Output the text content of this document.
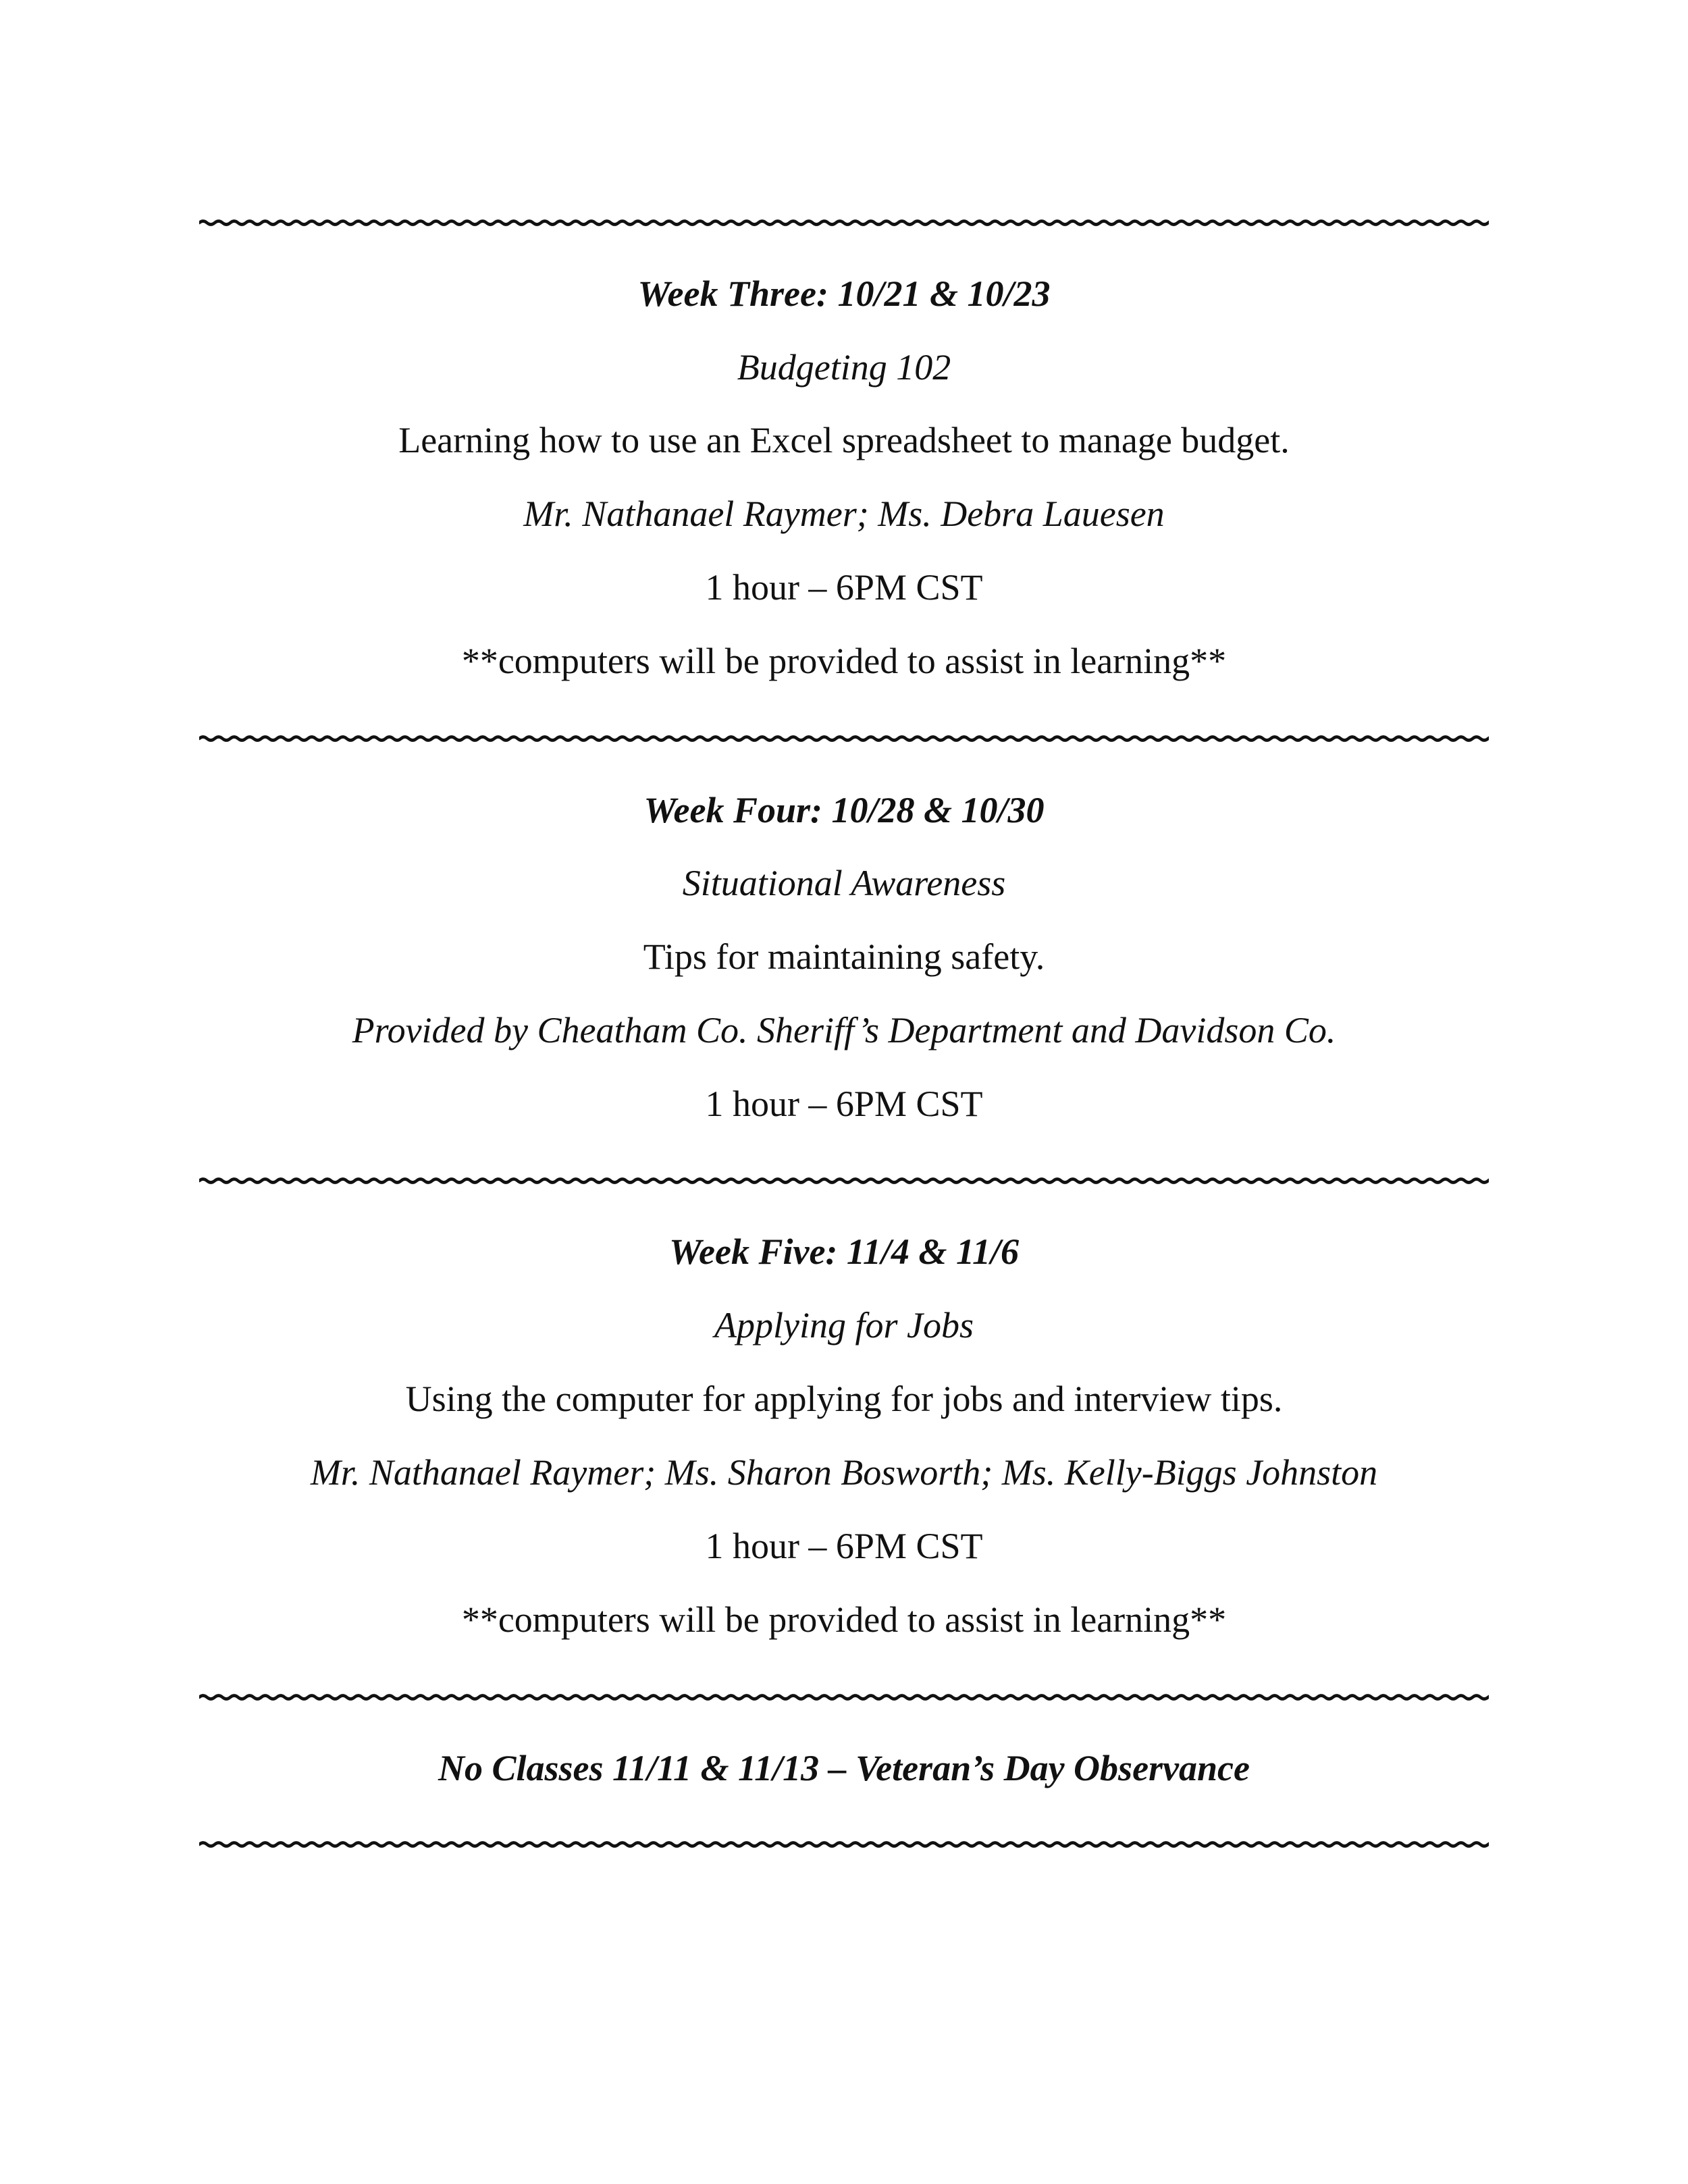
Week Three: 10/21 & 10/23
Budgeting 102
Learning how to use an Excel spreadsheet to manage budget.
Mr. Nathanael Raymer; Ms. Debra Lauesen
1 hour – 6PM CST
**computers will be provided to assist in learning**
Week Four: 10/28 & 10/30
Situational Awareness
Tips for maintaining safety.
Provided by Cheatham Co. Sheriff’s Department and Davidson Co.
1 hour – 6PM CST
Week Five: 11/4 & 11/6
Applying for Jobs
Using the computer for applying for jobs and interview tips.
Mr. Nathanael Raymer; Ms. Sharon Bosworth; Ms. Kelly-Biggs Johnston
1 hour – 6PM CST
**computers will be provided to assist in learning**
No Classes 11/11 & 11/13 – Veteran’s Day Observance
